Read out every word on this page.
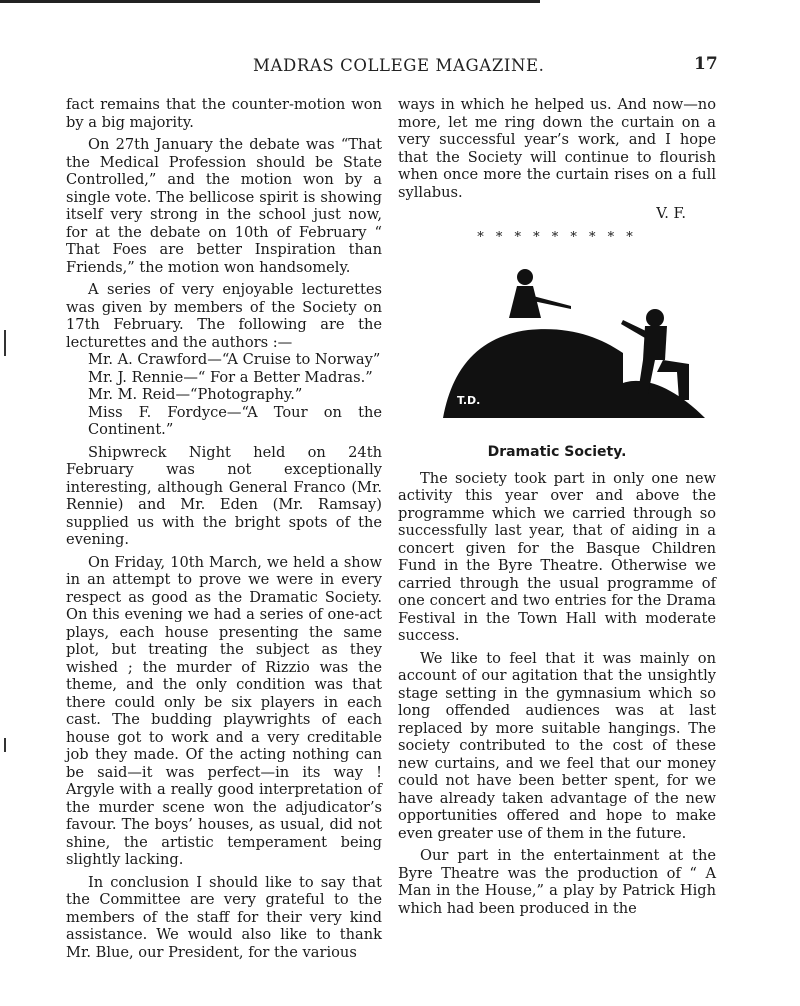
MADRAS COLLEGE MAGAZINE.	17

fact remains that the counter-motion won by a big majority.

On 27th January the debate was “That the Medical Profession should be State Controlled,” and the motion won by a single vote. The bellicose spirit is showing itself very strong in the school just now, for at the debate on 10th of February “ That Foes are better Inspiration than Friends,” the motion won handsomely.

A series of very enjoyable lecturettes was given by members of the Society on 17th February. The following are the lecturettes and the authors :—

Mr. A. Crawford—“A Cruise to Norway”
Mr. J. Rennie—“ For a Better Madras.”
Mr. M. Reid—“Photography.”
Miss F. Fordyce—“A Tour on the Continent.”

Shipwreck Night held on 24th February was not exceptionally interesting, although General Franco (Mr. Rennie) and Mr. Eden (Mr. Ramsay) supplied us with the bright spots of the evening.

On Friday, 10th March, we held a show in an attempt to prove we were in every respect as good as the Dramatic Society. On this evening we had a series of one-act plays, each house presenting the same plot, but treating the subject as they wished ; the murder of Rizzio was the theme, and the only condition was that there could only be six players in each cast. The budding playwrights of each house got to work and a very creditable job they made. Of the acting nothing can be said—it was perfect—in its way ! Argyle with a really good interpretation of the murder scene won the adjudicator’s favour. The boys’ houses, as usual, did not shine, the artistic temperament being slightly lacking.

In conclusion I should like to say that the Committee are very grateful to the members of the staff for their very kind assistance. We would also like to thank Mr. Blue, our President, for the various

ways in which he helped us. And now—no more, let me ring down the curtain on a very successful year’s work, and I hope that the Society will continue to flourish when once more the curtain rises on a full syllabus.

V. F.
* * * * * * * * *
T.D.
Dramatic Society.

The society took part in only one new activity this year over and above the programme which we carried through so successfully last year, that of aiding in a concert given for the Basque Children Fund in the Byre Theatre. Otherwise we carried through the usual programme of one concert and two entries for the Drama Festival in the Town Hall with moderate success.

We like to feel that it was mainly on account of our agitation that the unsightly stage setting in the gymnasium which so long offended audiences was at last replaced by more suitable hangings. The society contributed to the cost of these new curtains, and we feel that our money could not have been better spent, for we have already taken advantage of the new opportunities offered and hope to make even greater use of them in the future.

Our part in the entertainment at the Byre Theatre was the production of “ A Man in the House,” a play by Patrick High which had been produced in the
